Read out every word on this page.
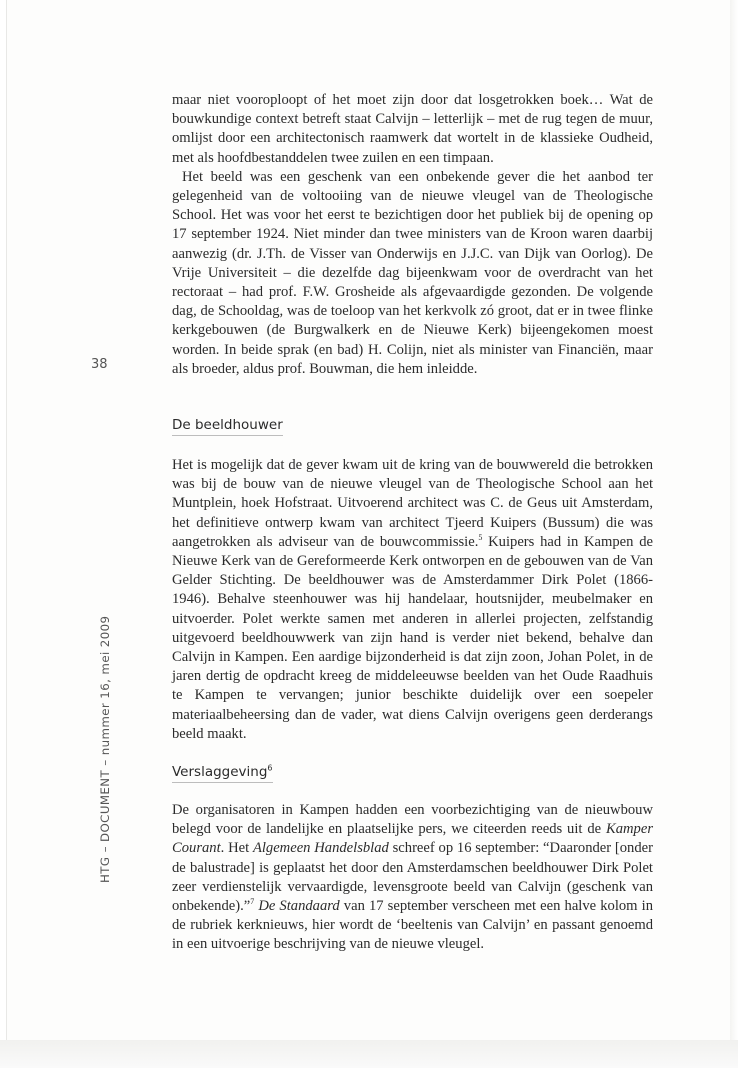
38
HTG – DOCUMENT – nummer 16, mei 2009

maar niet vooroploopt of het moet zijn door dat losgetrokken boek… Wat de bouwkundige context betreft staat Calvijn – letterlijk – met de rug tegen de muur, omlijst door een architectonisch raamwerk dat wortelt in de klassieke Oudheid, met als hoofdbestanddelen twee zuilen en een timpaan.

Het beeld was een geschenk van een onbekende gever die het aanbod ter gelegenheid van de voltooiing van de nieuwe vleugel van de Theologische School. Het was voor het eerst te bezichtigen door het publiek bij de opening op 17 september 1924. Niet minder dan twee ministers van de Kroon waren daarbij aanwezig (dr. J.Th. de Visser van Onderwijs en J.J.C. van Dijk van Oorlog). De Vrije Universiteit – die dezelfde dag bijeenkwam voor de overdracht van het rectoraat – had prof. F.W. Grosheide als afgevaardigde gezonden. De volgende dag, de Schooldag, was de toeloop van het kerkvolk zó groot, dat er in twee flinke kerkgebouwen (de Burgwalkerk en de Nieuwe Kerk) bijeengekomen moest worden. In beide sprak (en bad) H. Colijn, niet als minister van Financiën, maar als broeder, aldus prof. Bouwman, die hem inleidde.

De beeldhouwer

Het is mogelijk dat de gever kwam uit de kring van de bouwwereld die betrokken was bij de bouw van de nieuwe vleugel van de Theologische School aan het Muntplein, hoek Hofstraat. Uitvoerend architect was C. de Geus uit Amsterdam, het definitieve ontwerp kwam van architect Tjeerd Kuipers (Bussum) die was aangetrokken als adviseur van de bouwcommissie.$^5$ Kuipers had in Kampen de Nieuwe Kerk van de Gereformeerde Kerk ontworpen en de gebouwen van de Van Gelder Stichting. De beeldhouwer was de Amsterdammer Dirk Polet (1866-1946). Behalve steenhouwer was hij handelaar, houtsnijder, meubelmaker en uitvoerder. Polet werkte samen met anderen in allerlei projecten, zelfstandig uitgevoerd beeldhouwwerk van zijn hand is verder niet bekend, behalve dan Calvijn in Kampen. Een aardige bijzonderheid is dat zijn zoon, Johan Polet, in de jaren dertig de opdracht kreeg de middeleeuwse beelden van het Oude Raadhuis te Kampen te vervangen; junior beschikte duidelijk over een soepeler materiaalbeheersing dan de vader, wat diens Calvijn overigens geen derderangs beeld maakt.

Verslaggeving$^6$

De organisatoren in Kampen hadden een voorbezichtiging van de nieuwbouw belegd voor de landelijke en plaatselijke pers, we citeerden reeds uit de Kamper Courant. Het Algemeen Handelsblad schreef op 16 september: “Daaronder [onder de balustrade] is geplaatst het door den Amsterdamschen beeldhouwer Dirk Polet zeer verdienstelijk vervaardigde, levensgroote beeld van Calvijn (geschenk van onbekende).”$^7$ De Standaard van 17 september verscheen met een halve kolom in de rubriek kerknieuws, hier wordt de ‘beeltenis van Calvijn’ en passant genoemd in een uitvoerige beschrijving van de nieuwe vleugel.
